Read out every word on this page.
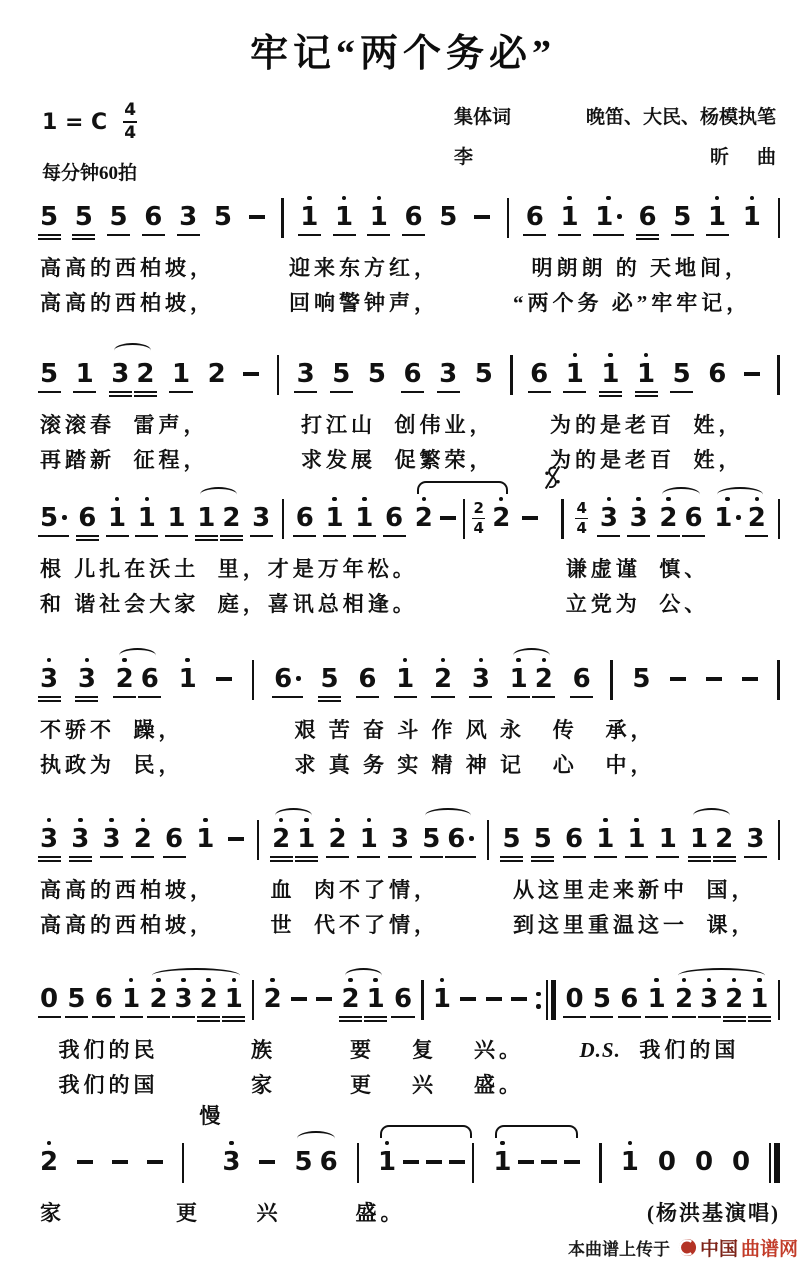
牢记“两个务必”
1 = C $\frac{4}{4}$
每分钟60拍
集体词	晚笛、大民、杨模执笔
李	昕 曲
5 5 5 6 3 5	1 1 1 6 5	6 1 1 6 5 1 1
高高的西柏坡，        迎来东方红，          明朗朗 的 天地间，
高高的西柏坡，        回响警钟声，        “两个务 必”牢牢记，
5 1 3 2 1 2	3 5 5 6 3 5 6 1 1 1 5 6
滚滚春  雷声，          打江山  创伟业，      为的是老百  姓，
再踏新  征程，          求发展  促繁荣，      为的是老百  姓，
5 6 1 1 1 1 2 3 6 1 1 6 2	2
4 2	4
4 3 3 2 6 1 2
根 儿扎在沃土  里，才是万年松。                谦虚谨  慎、
和 谐社会大家  庭，喜讯总相逢。                立党为  公、
3 3 2 6 1	6 5 6 1 2 3 1 2 6 5
不骄不  躁，            艰 苦 奋 斗 作 风 永   传   承，
执政为  民，            求 真 务 实 精 神 记   心   中，
3 3 3 2 6 1 2 1 2 1 3 5 6 5 5 6 1 1 1 1 2 3
高高的西柏坡，      血  肉不了情，        从这里走来新中  国，
高高的西柏坡，      世  代不了情，        到这里重温这一  课，
0 5 6 1 2 3 2 1 2 2 1 6 1	0 5 6 1 2 3 2 1
我们的民          族        要    复    兴。 D.S. 我们的国
我们的国          家        更    兴    盛。
2
慢
3 5 6 1	1	1 0 0 0
家            更      兴        盛。	(杨洪基演唱)
本曲谱上传于 中国 曲谱网
